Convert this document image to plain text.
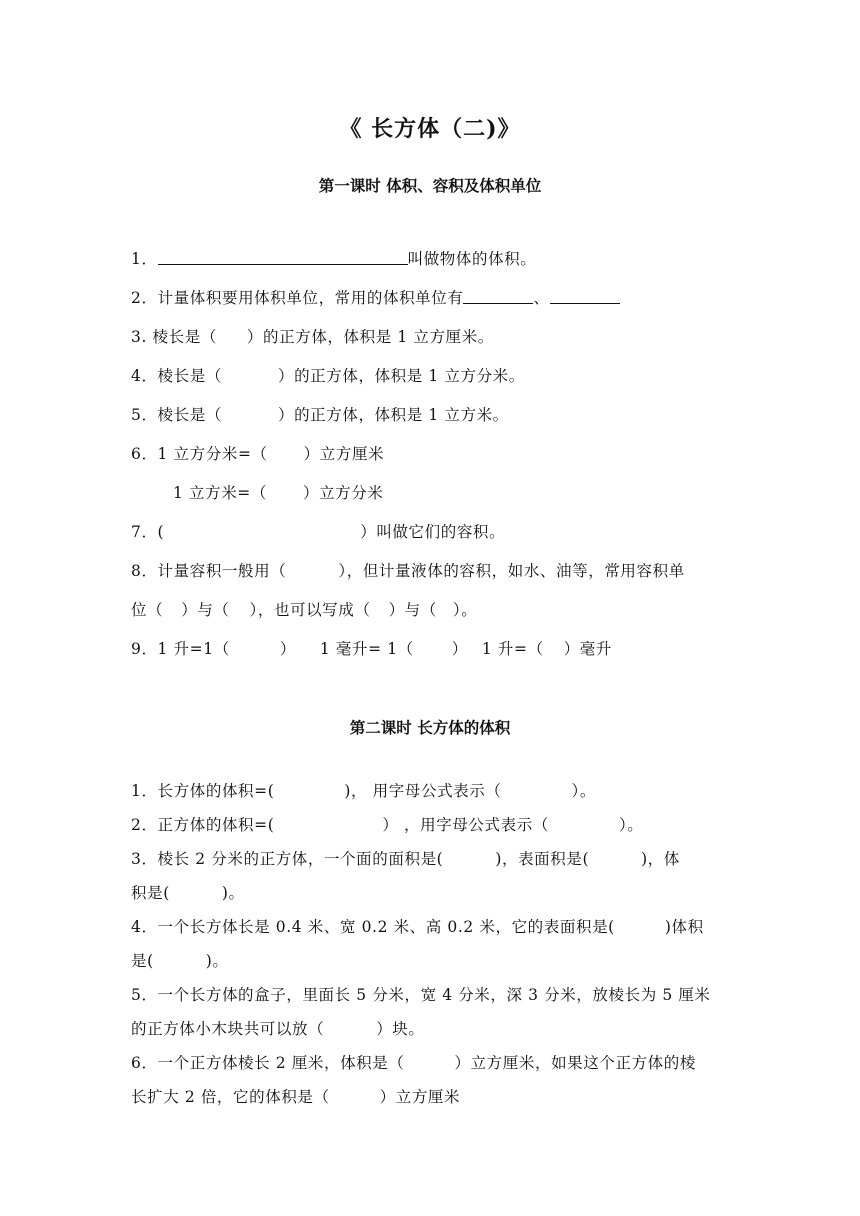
《 长方体（二)》
第一课时 体积、容积及体积单位
1．	叫做物体的体积。
2．计量体积要用体积单位，常用的体积单位有	、
3. 棱长是（ ）的正方体，体积是 1 立方厘米。
4．棱长是（	）的正方体，体积是 1 立方分米。
5．棱长是（	）的正方体，体积是 1 立方米。
6．1 立方分米=（ ）立方厘米
1 立方米=（ ）立方分米
7．(	）叫做它们的容积。
8．计量容积一般用（	），但计量液体的容积，如水、油等，常用容积单
位（ ）与（ ），也可以写成（ ）与（ ）。
9．1 升=1（	） 1 毫升= 1（ ） 1 升=（ ）毫升
第二课时 长方体的体积
1．长方体的体积=(	)， 用字母公式表示（	）。
2．正方体的体积=(	） ，用字母公式表示（	）。
3．棱长 2 分米的正方体，一个面的面积是(	)，表面积是(	)，体
积是(	)。
4．一个长方体长是 0.4 米、宽 0.2 米、高 0.2 米，它的表面积是(	)体积
是(	)。
5．一个长方体的盒子，里面长 5 分米，宽 4 分米，深 3 分米，放棱长为 5 厘米
的正方体小木块共可以放（	）块。
6．一个正方体棱长 2 厘米，体积是（	）立方厘米，如果这个正方体的棱
长扩大 2 倍，它的体积是（	）立方厘米
